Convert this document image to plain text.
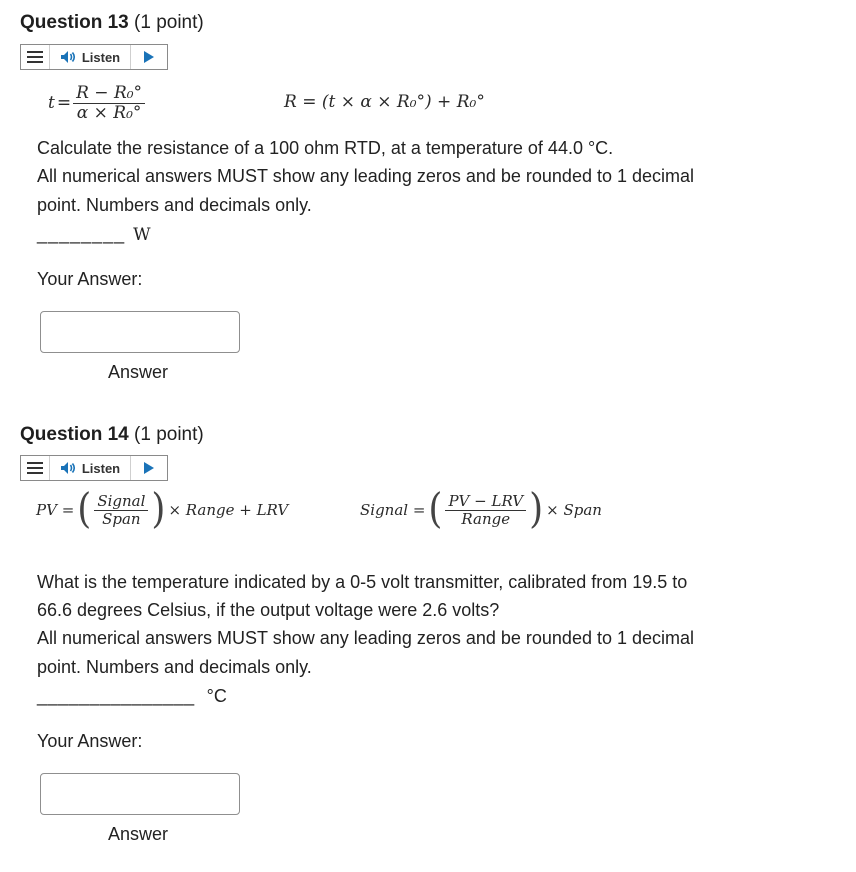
Question 13 (1 point)
Listen
$t = \frac{\text{R − R₀°}}{\text{α × R₀°}}$	R = (t × α × R₀°) + R₀°
Calculate the resistance of a 100 ohm RTD, at a temperature of 44.0 °C.
All numerical answers MUST show any leading zeros and be rounded to 1 decimal
point. Numbers and decimals only.
________ W
Your Answer:
Answer
Question 14 (1 point)
Listen
PV = ( $\frac{\text{Signal}}{\text{Span}}$ ) × Range + LRV	Signal = ( $\frac{\text{PV − LRV}}{\text{Range}}$ ) × Span
What is the temperature indicated by a 0-5 volt transmitter, calibrated from 19.5 to
66.6 degrees Celsius, if the output voltage were 2.6 volts?
All numerical answers MUST show any leading zeros and be rounded to 1 decimal
point. Numbers and decimals only.
_______________ °C
Your Answer:
Answer
